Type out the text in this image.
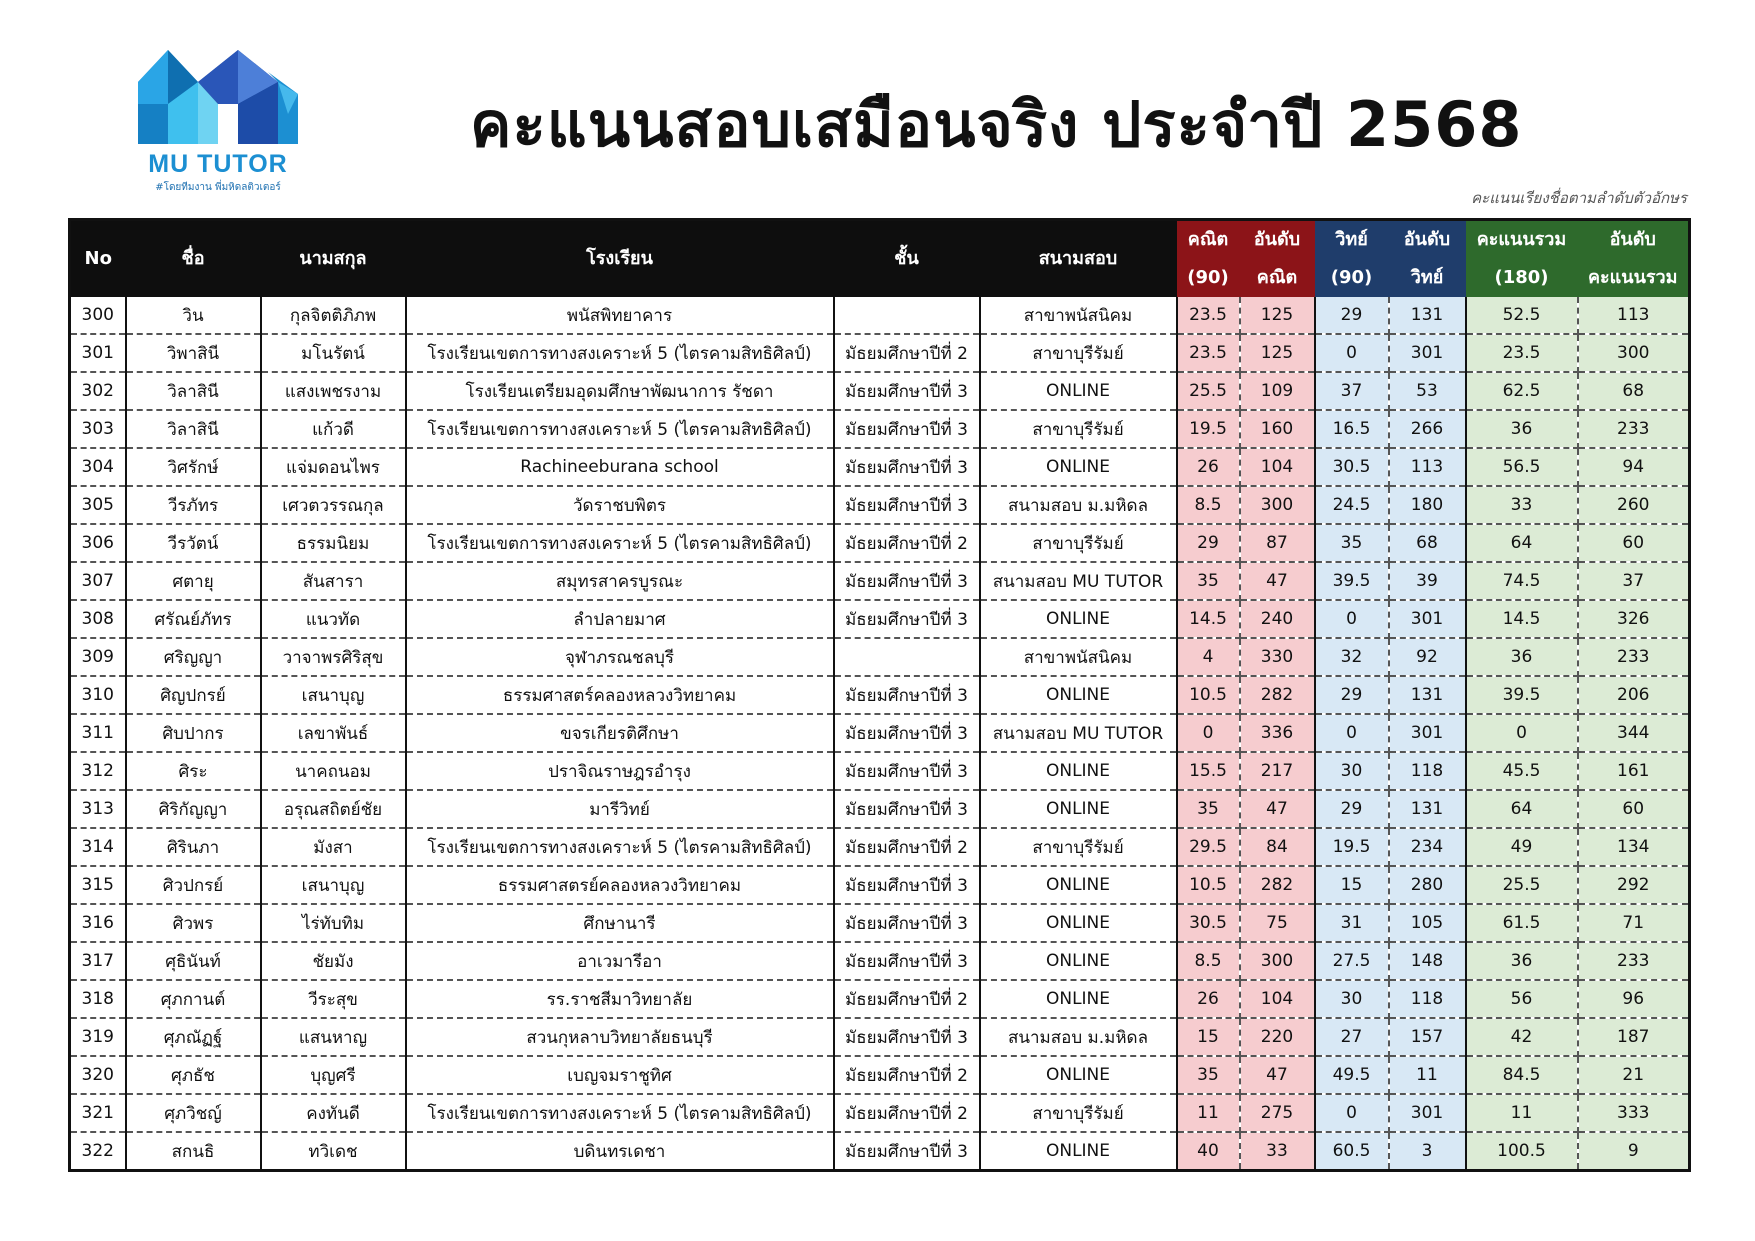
MU TUTOR
#โดยทีมงาน พี่มหิดลติวเตอร์
คะแนนสอบเสมือนจริง ประจำปี 2568
คะแนนเรียงชื่อตามลำดับตัวอักษร
No	ชื่อ	นามสกุล	โรงเรียน	ชั้น	สนามสอบ	คณิต	อันดับ	วิทย์	อันดับ	คะแนนรวม	อันดับ
						(90)	คณิต	(90)	วิทย์	(180)	คะแนนรวม
300	วิน	กุลจิตติภิภพ	พนัสพิทยาคาร		สาขาพนัสนิคม	23.5	125	29	131	52.5	113
301	วิพาสินี	มโนรัตน์	โรงเรียนเขตการทางสงเคราะห์ 5 (ไตรคามสิทธิศิลป์)	มัธยมศึกษาปีที่ 2	สาขาบุรีรัมย์	23.5	125	0	301	23.5	300
302	วิลาสินี	แสงเพชรงาม	โรงเรียนเตรียมอุดมศึกษาพัฒนาการ รัชดา	มัธยมศึกษาปีที่ 3	ONLINE	25.5	109	37	53	62.5	68
303	วิลาสินี	แก้วดี	โรงเรียนเขตการทางสงเคราะห์ 5 (ไตรคามสิทธิศิลป์)	มัธยมศึกษาปีที่ 3	สาขาบุรีรัมย์	19.5	160	16.5	266	36	233
304	วิศรักษ์	แจ่มดอนไพร	Rachineeburana school	มัธยมศึกษาปีที่ 3	ONLINE	26	104	30.5	113	56.5	94
305	วีรภัทร	เศวตวรรณกุล	วัดราชบพิตร	มัธยมศึกษาปีที่ 3	สนามสอบ ม.มหิดล	8.5	300	24.5	180	33	260
306	วีรวัตน์	ธรรมนิยม	โรงเรียนเขตการทางสงเคราะห์ 5 (ไตรคามสิทธิศิลป์)	มัธยมศึกษาปีที่ 2	สาขาบุรีรัมย์	29	87	35	68	64	60
307	ศตายุ	สันสารา	สมุทรสาครบูรณะ	มัธยมศึกษาปีที่ 3	สนามสอบ MU TUTOR	35	47	39.5	39	74.5	37
308	ศรัณย์ภัทร	แนวทัด	ลำปลายมาศ	มัธยมศึกษาปีที่ 3	ONLINE	14.5	240	0	301	14.5	326
309	ศริญญา	วาจาพรศิริสุข	จุฬาภรณชลบุรี		สาขาพนัสนิคม	4	330	32	92	36	233
310	ศิญปกรย์	เสนาบุญ	ธรรมศาสตร์คลองหลวงวิทยาคม	มัธยมศึกษาปีที่ 3	ONLINE	10.5	282	29	131	39.5	206
311	ศิบปากร	เลขาพันธ์	ขจรเกียรติศึกษา	มัธยมศึกษาปีที่ 3	สนามสอบ MU TUTOR	0	336	0	301	0	344
312	ศิระ	นาคถนอม	ปราจิณราษฎรอำรุง	มัธยมศึกษาปีที่ 3	ONLINE	15.5	217	30	118	45.5	161
313	ศิริกัญญา	อรุณสถิตย์ชัย	มารีวิทย์	มัธยมศึกษาปีที่ 3	ONLINE	35	47	29	131	64	60
314	ศิรินภา	มังสา	โรงเรียนเขตการทางสงเคราะห์ 5 (ไตรคามสิทธิศิลป์)	มัธยมศึกษาปีที่ 2	สาขาบุรีรัมย์	29.5	84	19.5	234	49	134
315	ศิวปกรย์	เสนาบุญ	ธรรมศาสตรย์คลองหลวงวิทยาคม	มัธยมศึกษาปีที่ 3	ONLINE	10.5	282	15	280	25.5	292
316	ศิวพร	ไร่ทับทิม	ศึกษานารี	มัธยมศึกษาปีที่ 3	ONLINE	30.5	75	31	105	61.5	71
317	ศุธินันท์	ชัยมัง	อาเวมารีอา	มัธยมศึกษาปีที่ 3	ONLINE	8.5	300	27.5	148	36	233
318	ศุภกานต์	วีระสุข	รร.ราชสีมาวิทยาลัย	มัธยมศึกษาปีที่ 2	ONLINE	26	104	30	118	56	96
319	ศุภณัฏฐ์	แสนหาญ	สวนกุหลาบวิทยาลัยธนบุรี	มัธยมศึกษาปีที่ 3	สนามสอบ ม.มหิดล	15	220	27	157	42	187
320	ศุภธัช	บุญศรี	เบญจมราชูทิศ	มัธยมศึกษาปีที่ 2	ONLINE	35	47	49.5	11	84.5	21
321	ศุภวิชญ์	คงทันดี	โรงเรียนเขตการทางสงเคราะห์ 5 (ไตรคามสิทธิศิลป์)	มัธยมศึกษาปีที่ 2	สาขาบุรีรัมย์	11	275	0	301	11	333
322	สกนธิ	ทวิเดช	บดินทรเดชา	มัธยมศึกษาปีที่ 3	ONLINE	40	33	60.5	3	100.5	9
